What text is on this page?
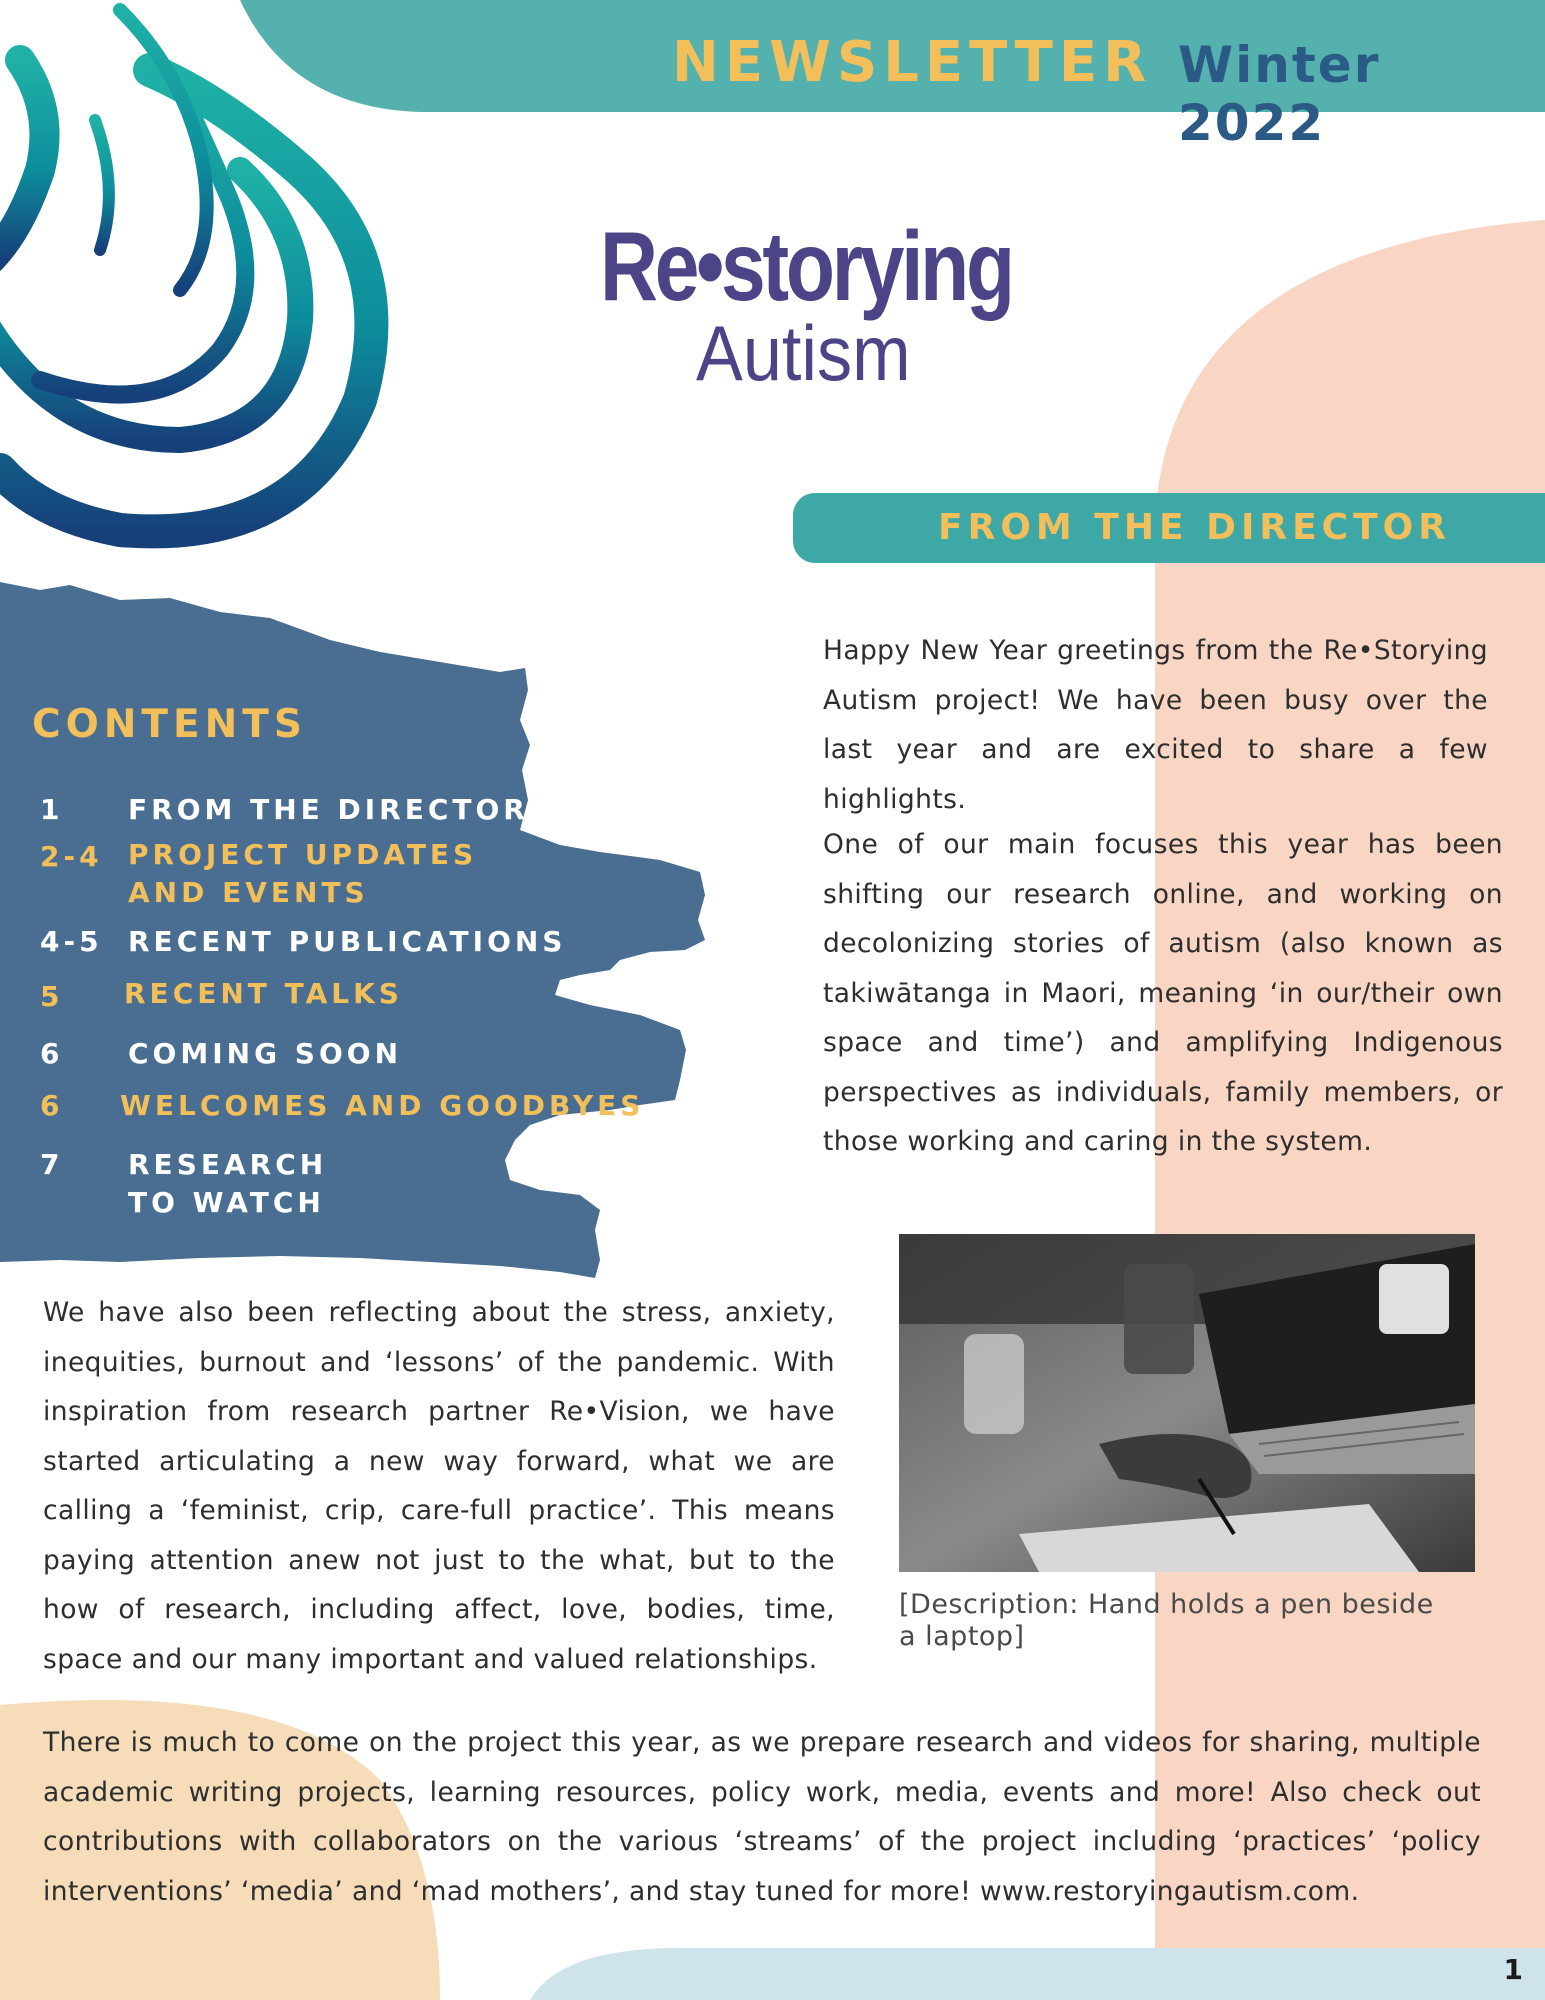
NEWSLETTER Winter 2022
Re•storying
Autism
FROM THE DIRECTOR
CONTENTS
1 FROM THE DIRECTOR
2-4 PROJECT UPDATES
AND EVENTS
4-5 RECENT PUBLICATIONS
5 RECENT TALKS
6 COMING SOON
6 WELCOMES AND GOODBYES
7 RESEARCH
TO WATCH
Happy New Year greetings from the Re•Storying Autism project! We have been busy over the last year and are excited to share a few highlights.
One of our main focuses this year has been shifting our research online, and working on decolonizing stories of autism (also known as takiwātanga in Maori, meaning ‘in our/their own space and time’) and amplifying Indigenous perspectives as individuals, family members, or those working and caring in the system.
We have also been reflecting about the stress, anxiety, inequities, burnout and ‘lessons’ of the pandemic. With inspiration from research partner Re•Vision, we have started articulating a new way forward, what we are calling a ‘feminist, crip, care-full practice’. This means paying attention anew not just to the what, but to the how of research, including affect, love, bodies, time, space and our many important and valued relationships.
There is much to come on the project this year, as we prepare research and videos for sharing, multiple academic writing projects, learning resources, policy work, media, events and more! Also check out contributions with collaborators on the various ‘streams’ of the project including ‘practices’ ‘policy interventions’ ‘media’ and ‘mad mothers’, and stay tuned for more! www.restoryingautism.com.
[Description: Hand holds a pen beside a laptop]
1
